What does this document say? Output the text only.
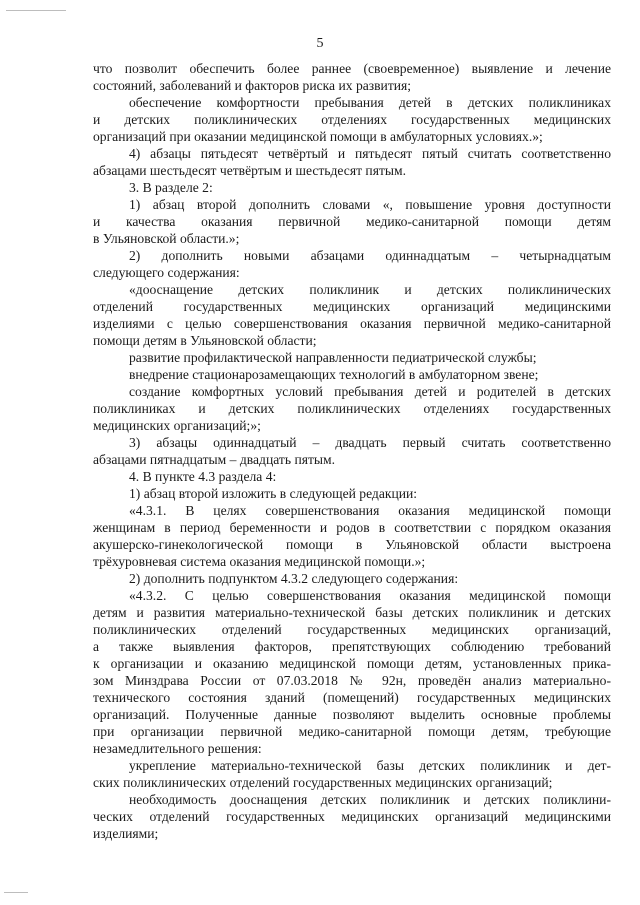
5
что позволит обеспечить более раннее (своевременное) выявление и лечение
состояний, заболеваний и факторов риска их развития;
обеспечение комфортности пребывания детей в детских поликлиниках
и детских поликлинических отделениях государственных медицинских
организаций при оказании медицинской помощи в амбулаторных условиях.»;
4) абзацы пятьдесят четвёртый и пятьдесят пятый считать соответственно
абзацами шестьдесят четвёртым и шестьдесят пятым.
3. В разделе 2:
1) абзац второй дополнить словами «, повышение уровня доступности
и качества оказания первичной медико-санитарной помощи детям
в Ульяновской области.»;
2) дополнить новыми абзацами одиннадцатым – четырнадцатым
следующего содержания:
«дооснащение детских поликлиник и детских поликлинических
отделений государственных медицинских организаций медицинскими
изделиями с целью совершенствования оказания первичной медико-санитарной
помощи детям в Ульяновской области;
развитие профилактической направленности педиатрической службы;
внедрение стационарозамещающих технологий в амбулаторном звене;
создание комфортных условий пребывания детей и родителей в детских
поликлиниках и детских поликлинических отделениях государственных
медицинских организаций;»;
3) абзацы одиннадцатый – двадцать первый считать соответственно
абзацами пятнадцатым – двадцать пятым.
4. В пункте 4.3 раздела 4:
1) абзац второй изложить в следующей редакции:
«4.3.1. В целях совершенствования оказания медицинской помощи
женщинам в период беременности и родов в соответствии с порядком оказания
акушерско-гинекологической помощи в Ульяновской области выстроена
трёхуровневая система оказания медицинской помощи.»;
2) дополнить подпунктом 4.3.2 следующего содержания:
«4.3.2. С целью совершенствования оказания медицинской помощи
детям и развития материально-технической базы детских поликлиник и детских
поликлинических отделений государственных медицинских организаций,
а также выявления факторов, препятствующих соблюдению требований
к организации и оказанию медицинской помощи детям, установленных прика-
зом Минздрава России от 07.03.2018 № 92н, проведён анализ материально-
технического состояния зданий (помещений) государственных медицинских
организаций. Полученные данные позволяют выделить основные проблемы
при организации первичной медико-санитарной помощи детям, требующие
незамедлительного решения:
укрепление материально-технической базы детских поликлиник и дет-
ских поликлинических отделений государственных медицинских организаций;
необходимость дооснащения детских поликлиник и детских поликлини-
ческих отделений государственных медицинских организаций медицинскими
изделиями;
